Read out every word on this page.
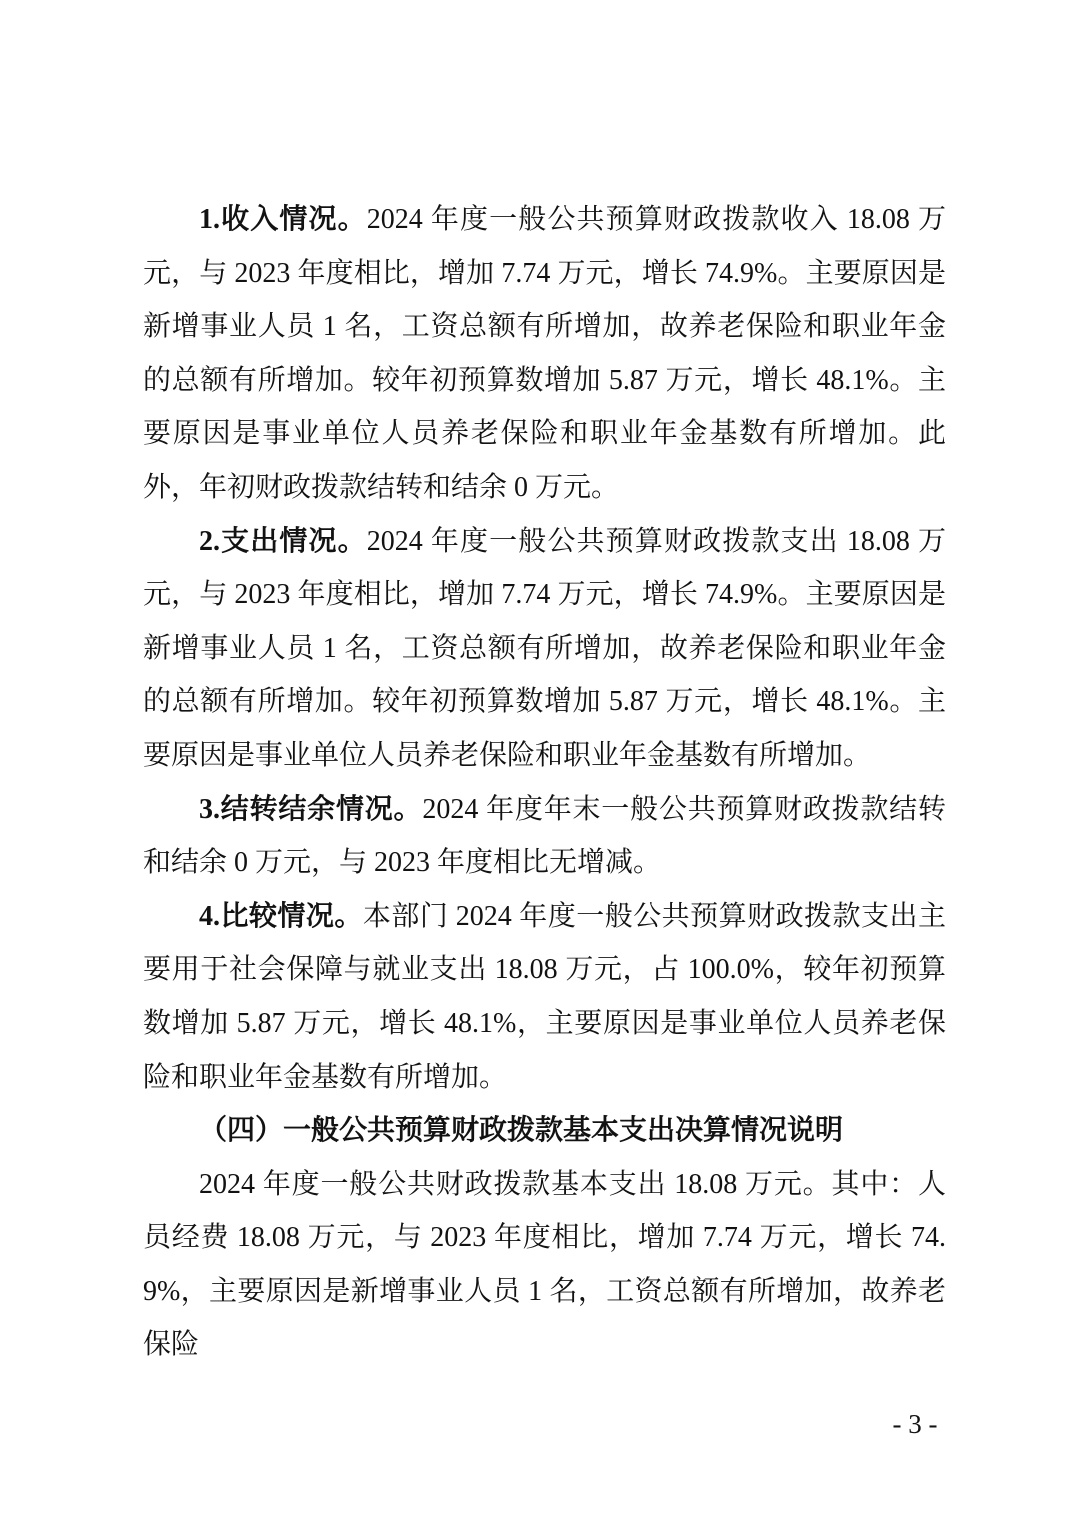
1.收入情况。2024 年度一般公共预算财政拨款收入 18.08 万元，与 2023 年度相比，增加 7.74 万元，增长 74.9%。主要原因是新增事业人员 1 名，工资总额有所增加，故养老保险和职业年金的总额有所增加。较年初预算数增加 5.87 万元，增长 48.1%。主要原因是事业单位人员养老保险和职业年金基数有所增加。此外，年初财政拨款结转和结余 0 万元。

2.支出情况。2024 年度一般公共预算财政拨款支出 18.08 万元，与 2023 年度相比，增加 7.74 万元，增长 74.9%。主要原因是新增事业人员 1 名，工资总额有所增加，故养老保险和职业年金的总额有所增加。较年初预算数增加 5.87 万元，增长 48.1%。主要原因是事业单位人员养老保险和职业年金基数有所增加。

3.结转结余情况。2024 年度年末一般公共预算财政拨款结转和结余 0 万元，与 2023 年度相比无增减。

4.比较情况。本部门 2024 年度一般公共预算财政拨款支出主要用于社会保障与就业支出 18.08 万元，占 100.0%，较年初预算数增加 5.87 万元，增长 48.1%，主要原因是事业单位人员养老保险和职业年金基数有所增加。

（四）一般公共预算财政拨款基本支出决算情况说明

2024 年度一般公共财政拨款基本支出 18.08 万元。其中：人员经费 18.08 万元，与 2023 年度相比，增加 7.74 万元，增长 74.9%，主要原因是新增事业人员 1 名，工资总额有所增加，故养老保险

- 3 -
